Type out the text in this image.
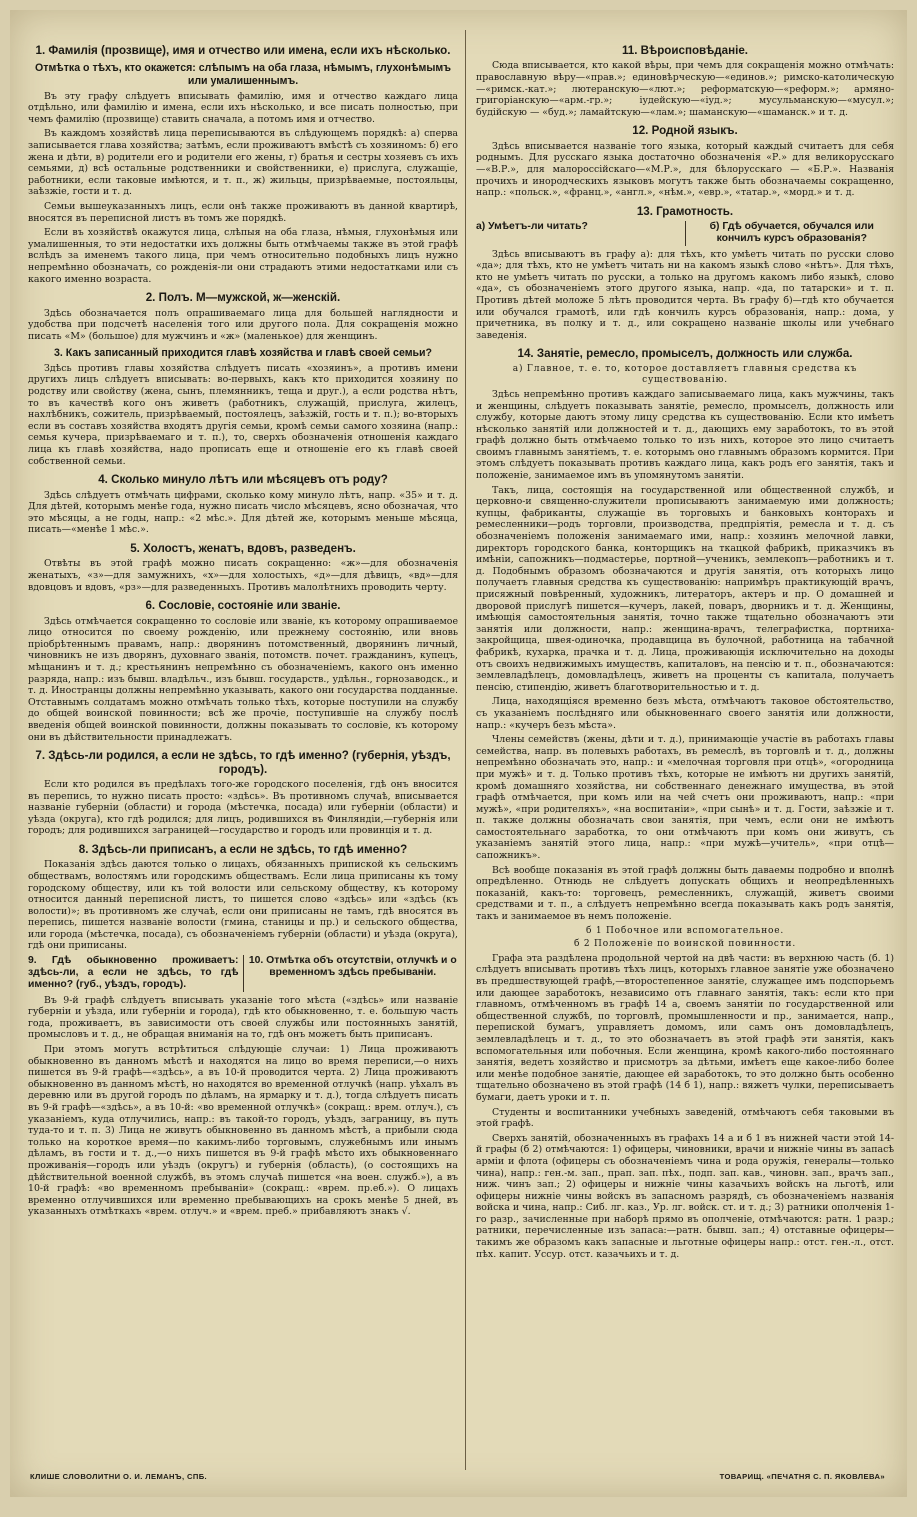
1. Фамилія (прозвище), имя и отчество или имена, если ихъ нѣсколько.
Отмѣтка о тѣхъ, кто окажется: слѣпымъ на оба глаза, нѣмымъ, глухонѣмымъ или умалишеннымъ.

Въ эту графу слѣдуетъ вписывать фамилію, имя и отчество каждаго лица отдѣльно, или фамилію и имена, если ихъ нѣсколько, и все писать полностью, при чемъ фамилію (прозвище) ставить сначала, а потомъ имя и отчество.

Въ каждомъ хозяйствѣ лица переписываются въ слѣдующемъ порядкѣ: а) сперва записывается глава хозяйства; затѣмъ, если проживаютъ вмѣстѣ съ хозяиномъ: б) его жена и дѣти, в) родители его и родители его жены, г) братья и сестры хозяевъ съ ихъ семьями, д) всѣ остальные родственники и свойственники, е) прислуга, служащіе, работники, если таковые имѣются, и т. п., ж) жильцы, призрѣваемые, постояльцы, заѣзжіе, гости и т. д.

Семьи вышеуказанныхъ лицъ, если онѣ также проживаютъ въ данной квартирѣ, вносятся въ переписной листъ въ томъ же порядкѣ.

Если въ хозяйствѣ окажутся лица, слѣпыя на оба глаза, нѣмыя, глухонѣмыя или умалишенныя, то эти недостатки ихъ должны быть отмѣчаемы также въ этой графѣ вслѣдъ за именемъ такого лица, при чемъ относительно подобныхъ лицъ нужно непремѣнно обозначать, со рожденія-ли они страдаютъ этими недостатками или съ какого именно возраста.

2. Полъ. М—мужской, ж—женскій.

Здѣсь обозначается полъ опрашиваемаго лица для большей наглядности и удобства при подсчетѣ населенія того или другого пола. Для сокращенія можно писать «М» (большое) для мужчинъ и «ж» (маленькое) для женщинъ.

3. Какъ записанный приходится главѣ хозяйства и главѣ своей семьи?

Здѣсь противъ главы хозяйства слѣдуетъ писать «хозяинъ», а противъ имени другихъ лицъ слѣдуетъ вписывать: во-первыхъ, какъ кто приходится хозяину по родству или свойству (жена, сынъ, племянникъ, теща и друг.), а если родства нѣтъ, то въ качествѣ кого онъ живетъ (работникъ, служащій, прислуга, жилецъ, нахлѣбникъ, сожитель, призрѣваемый, постоялецъ, заѣзжій, гость и т. п.); во-вторыхъ если въ составъ хозяйства входятъ другія семьи, кромѣ семьи самого хозяина (напр.: семья кучера, призрѣваемаго и т. п.), то, сверхъ обозначенія отношенія каждаго лица къ главѣ хозяйства, надо прописать еще и отношеніе его къ главѣ своей собственной семьи.

4. Сколько минуло лѣтъ или мѣсяцевъ отъ роду?

Здѣсь слѣдуетъ отмѣчать цифрами, сколько кому минуло лѣтъ, напр. «35» и т. д. Для дѣтей, которымъ менѣе года, нужно писать число мѣсяцевъ, ясно обозначая, что это мѣсяцы, а не годы, напр.: «2 мѣс.». Для дѣтей же, которымъ меньше мѣсяца, писать—«менѣе 1 мѣс.».

5. Холостъ, женатъ, вдовъ, разведенъ.

Отвѣты въ этой графѣ можно писать сокращенно: «ж»—для обозначенія женатыхъ, «з»—для замужнихъ, «х»—для холостыхъ, «д»—для дѣвицъ, «вд»—для вдовцовъ и вдовъ, «рз»—для разведенныхъ. Противъ малолѣтнихъ проводить черту.

6. Сословіе, состояніе или званіе.

Здѣсь отмѣчается сокращенно то сословіе или званіе, къ которому опрашиваемое лицо относится по своему рожденію, или прежнему состоянію, или вновь пріобрѣтеннымъ правамъ, напр.: дворянинъ потомственный, дворянинъ личный, чиновникъ не изъ дворянъ, духовнаго званія, потомств. почет. гражданинъ, купецъ, мѣщанинъ и т. д.; крестьянинъ непремѣнно съ обозначеніемъ, какого онъ именно разряда, напр.: изъ бывш. владѣльч., изъ бывш. государств., удѣльн., горнозаводск., и т. д. Иностранцы должны непремѣнно указывать, какого они государства подданные. Отставнымъ солдатамъ можно отмѣчать только тѣхъ, которые поступили на службу до общей воинской повинности; всѣ же прочіе, поступившіе на службу послѣ введенія общей воинской повинности, должны показывать то сословіе, къ которому они въ дѣйствительности принадлежатъ.

7. Здѣсь-ли родился, а если не здѣсь, то гдѣ именно? (губернія, уѣздъ, городъ).

Если кто родился въ предѣлахъ того-же городского поселенія, гдѣ онъ вносится въ перепись, то нужно писать просто: «здѣсь». Въ противномъ случаѣ, вписывается названіе губерніи (области) и города (мѣстечка, посада) или губерніи (области) и уѣзда (округа), кто гдѣ родился; для лицъ, родившихся въ Финляндіи,—губернія или городъ; для родившихся заграницей—государство и городъ или провинція и т. д.

8. Здѣсь-ли приписанъ, а если не здѣсь, то гдѣ именно?

Показанія здѣсь даются только о лицахъ, обязанныхъ припиской къ сельскимъ обществамъ, волостямъ или городскимъ обществамъ. Если лица приписаны къ тому городскому обществу, или къ той волости или сельскому обществу, къ которому относится данный переписной листъ, то пишется слово «здѣсь» или «здѣсь (къ волости)»; въ противномъ же случаѣ, если они приписаны не тамъ, гдѣ вносятся въ перепись, пишется названіе волости (гмина, станицы и пр.) и сельского общества, или города (мѣстечка, посада), съ обозначеніемъ губерніи (области) и уѣзда (округа), гдѣ они приписаны.

9. Гдѣ обыкновенно проживаетъ: здѣсь-ли, а если не здѣсь, то гдѣ именно? (губ., уѣздъ, городъ).
10. Отмѣтка объ отсутствіи, отлучкѣ и о временномъ здѣсь пребываніи.

Въ 9-й графѣ слѣдуетъ вписывать указаніе того мѣста («здѣсь» или названіе губерніи и уѣзда, или губерніи и города), гдѣ кто обыкновенно, т. е. большую часть года, проживаетъ, въ зависимости отъ своей службы или постоянныхъ занятій, промысловъ и т. д., не обращая вниманія на то, гдѣ онъ можетъ быть приписанъ.

При этомъ могутъ встрѣтиться слѣдующіе случаи: 1) Лица проживаютъ обыкновенно въ данномъ мѣстѣ и находятся на лицо во время переписи,—о нихъ пишется въ 9-й графѣ—«здѣсь», а въ 10-й проводится черта. 2) Лица проживаютъ обыкновенно въ данномъ мѣстѣ, но находятся во временной отлучкѣ (напр. уѣхалъ въ деревню или въ другой городъ по дѣламъ, на ярмарку и т. д.), тогда слѣдуетъ писать въ 9-й графѣ—«здѣсь», а въ 10-й: «во временной отлучкѣ» (сокращ.: врем. отлуч.), съ указаніемъ, куда отлучились, напр.: въ такой-то городъ, уѣздъ, заграницу, въ путь туда-то и т. п. 3) Лица не живутъ обыкновенно въ данномъ мѣстѣ, а прибыли сюда только на короткое время—по какимъ-либо торговымъ, служебнымъ или инымъ дѣламъ, въ гости и т. д.,—о нихъ пишется въ 9-й графѣ мѣсто ихъ обыкновеннаго проживанія—городъ или уѣздъ (округъ) и губернія (область), (о состоящихъ на дѣйствительной военной службѣ, въ этомъ случаѣ пишется «на воен. служб.»), а въ 10-й графѣ: «во временномъ пребываніи» (сокращ.: «врем. пр.еб.»). О лицахъ временно отлучившихся или временно пребывающихъ на срокъ менѣе 5 дней, въ указанныхъ отмѣткахъ «врем. отлуч.» и «врем. преб.» прибавляютъ знакъ √.

11. Вѣроисповѣданіе.

Сюда вписывается, кто какой вѣры, при чемъ для сокращенія можно отмѣчать: православную вѣру—«прав.»; единовѣрческую—«единов.»; римско-католическую—«римск.-кат.»; лютеранскую—«лют.»; реформатскую—«реформ.»; армяно-григоріанскую—«арм.-гр.»; іудейскую—«іуд.»; мусульманскую—«мусул.»; будійскую — «буд.»; ламайтскую—«лам.»; шаманскую—«шаманск.» и т. д.

12. Родной языкъ.

Здѣсь вписывается названіе того языка, который каждый считаетъ для себя роднымъ. Для русскаго языка достаточно обозначенія «Р.» для великорусскаго—«В.Р.», для малороссійскаго—«М.Р.», для бѣлорусскаго — «Б.Р.». Названія прочихъ и инородческихъ языковъ могутъ также быть обозначаемы сокращенно, напр.: «польск.», «франц.», «англ.», «нѣм.», «евр.», «татар.», «морд.» и т. д.

13. Грамотность.
а) Умѣетъ-ли читать?	б) Гдѣ обучается, обучался или кончилъ курсъ образованія?

Здѣсь вписываютъ въ графу а): для тѣхъ, кто умѣетъ читать по русски слово «да»; для тѣхъ, кто не умѣетъ читать ни на какомъ языкѣ слово «нѣтъ». Для тѣхъ, кто не умѣетъ читать по русски, а только на другомъ какомъ либо языкѣ, слово «да», съ обозначеніемъ этого другого языка, напр. «да, по татарски» и т. п. Противъ дѣтей моложе 5 лѣтъ проводится черта. Въ графу б)—гдѣ кто обучается или обучался грамотѣ, или гдѣ кончилъ курсъ образованія, напр.: дома, у причетника, въ полку и т. д., или сокращено названіе школы или учебнаго заведенія.

14. Занятіе, ремесло, промыселъ, должность или служба.
а) Главное, т. е. то, которое доставляетъ главныя средства къ существованію.

Здѣсь непремѣнно противъ каждаго записываемаго лица, какъ мужчины, такъ и женщины, слѣдуетъ показывать занятіе, ремесло, промыселъ, должность или службу, которые даютъ этому лицу средства къ существованію. Если кто имѣетъ нѣсколько занятій или должностей и т. д., дающихъ ему заработокъ, то въ этой графѣ должно быть отмѣчаемо только то изъ нихъ, которое это лицо считаетъ своимъ главнымъ занятіемъ, т. е. которымъ оно главнымъ образомъ кормится. При этомъ слѣдуетъ показывать противъ каждаго лица, какъ родъ его занятія, такъ и положеніе, занимаемое имъ въ упомянутомъ занятіи.

Такъ, лица, состоящія на государственной или общественной службѣ, и церковно-и священно-служители прописываютъ занимаемую ими должность; купцы, фабриканты, служащіе въ торговыхъ и банковыхъ конторахъ и ремесленники—родъ торговли, производства, предпріятія, ремесла и т. д. съ обозначеніемъ положенія занимаемаго ими, напр.: хозяинъ мелочной лавки, директоръ городского банка, конторщикъ на ткацкой фабрикѣ, приказчикъ въ имѣніи, сапожникъ—подмастерье, портной—ученикъ, землекопъ—работникъ и т. д. Подобнымъ образомъ обозначаются и другія занятія, отъ которыхъ лицо получаетъ главныя средства къ существованію: напримѣръ практикующій врачъ, присяжный повѣренный, художникъ, литераторъ, актеръ и пр. О домашней и дворовой прислугѣ пишется—кучеръ, лакей, поваръ, дворникъ и т. д. Женщины, имѣющія самостоятельныя занятія, точно также тщательно обозначаютъ эти занятія или должности, напр.: женщина-врачъ, телеграфистка, портниха-закройщица, швея-одиночка, продавщица въ булочной, работница на табачной фабрикѣ, кухарка, прачка и т. д. Лица, проживающія исключительно на доходы отъ своихъ недвижимыхъ имуществъ, капиталовъ, на пенсію и т. п., обозначаются: землевладѣлецъ, домовладѣлецъ, живетъ на проценты съ капитала, получаетъ пенсію, стипендію, живетъ благотворительностью и т. д.

Лица, находящіяся временно безъ мѣста, отмѣчаютъ таковое обстоятельство, съ указаніемъ послѣдняго или обыкновеннаго своего занятія или должности, напр.: «кучеръ безъ мѣста».

Члены семействъ (жены, дѣти и т. д.), принимающіе участіе въ работахъ главы семейства, напр. въ полевыхъ работахъ, въ ремеслѣ, въ торговлѣ и т. д., должны непремѣнно обозначать это, напр.: и «мелочная торговля при отцѣ», «огородница при мужѣ» и т. д. Только противъ тѣхъ, которые не имѣютъ ни другихъ занятій, кромѣ домашняго хозяйства, ни собственнаго денежнаго имущества, въ этой графѣ отмѣчается, при комъ или на чей счетъ они проживаютъ, напр.: «при мужѣ», «при родителяхъ», «на воспитаніи», «при сынѣ» и т. д. Гости, заѣзжіе и т. п. также должны обозначать свои занятія, при чемъ, если они не имѣютъ самостоятельнаго заработка, то они отмѣчаютъ при комъ они живутъ, съ указаніемъ занятій этого лица, напр.: «при мужѣ—учитель», «при отцѣ—сапожникъ».

Всѣ вообще показанія въ этой графѣ должны быть даваемы подробно и вполнѣ опредѣленно. Отнюдь не слѣдуетъ допускать общихъ и неопредѣленныхъ показаній, какъ-то: торговецъ, ремесленникъ, служащій, живетъ своими средствами и т. п., а слѣдуетъ непремѣнно всегда показывать какъ родъ занятія, такъ и занимаемое въ немъ положеніе.

б 1 Побочное или вспомогательное.
б 2 Положеніе по воинской повинности.

Графа эта раздѣлена продольной чертой на двѣ части: въ верхнюю часть (б. 1) слѣдуетъ вписывать противъ тѣхъ лицъ, которыхъ главное занятіе уже обозначено въ предшествующей графѣ,—второстепенное занятіе, служащее имъ подспорьемъ или дающее заработокъ, независимо отъ главнаго занятія, такъ: если кто при главномъ, отмѣченномъ въ графѣ 14 а, своемъ занятіи по государственной или общественной службѣ, по торговлѣ, промышленности и пр., занимается, напр., перепиской бумагъ, управляетъ домомъ, или самъ онъ домовладѣлецъ, землевладѣлецъ и т. д., то это обозначаетъ въ этой графѣ эти занятія, какъ вспомогательныя или побочныя. Если женщина, кромѣ какого-либо постояннаго занятія, ведетъ хозяйство и присмотръ за дѣтьми, имѣетъ еще какое-либо более или менѣе подобное занятіе, дающее ей заработокъ, то это должно быть особенно тщательно обозначено въ этой графѣ (14 б 1), напр.: вяжетъ чулки, переписываетъ бумаги, даетъ уроки и т. п.

Студенты и воспитанники учебныхъ заведеній, отмѣчаютъ себя таковыми въ этой графѣ.

Сверхъ занятій, обозначенныхъ въ графахъ 14 а и б 1 въ нижней части этой 14-й графы (б 2) отмѣчаются: 1) офицеры, чиновники, врачи и нижніе чины въ запасѣ арміи и флота (офицеры съ обозначеніемъ чина и рода оружія, генералы—только чина), напр.: ген.-м. зап., прап. зап. пѣх., подп. зап. кав., чиновн. зап., врачъ зап., ниж. чинъ зап.; 2) офицеры и нижніе чины казачьихъ войскъ на льготѣ, или офицеры нижніе чины войскъ въ запасномъ разрядѣ, съ обозначеніемъ названія войска и чина, напр.: Сиб. лг. каз., Ур. лг. войск. ст. и т. д.; 3) ратники ополченія 1-го разр., зачисленные при наборѣ прямо въ ополченіе, отмѣчаются: ратн. 1 разр.; ратники, перечисленные изъ запаса:—ратн. бывш. зап.; 4) отставные офицеры—такимъ же образомъ какъ запасные и льготные офицеры напр.: отст. ген.-л., отст. пѣх. капит. Уссур. отст. казачьихъ и т. д.

КЛИШЕ СЛОВОЛИТНИ О. И. ЛЕМАНЪ, СПБ.	ТОВАРИЩ. «ПЕЧАТНЯ С. П. ЯКОВЛЕВА»
